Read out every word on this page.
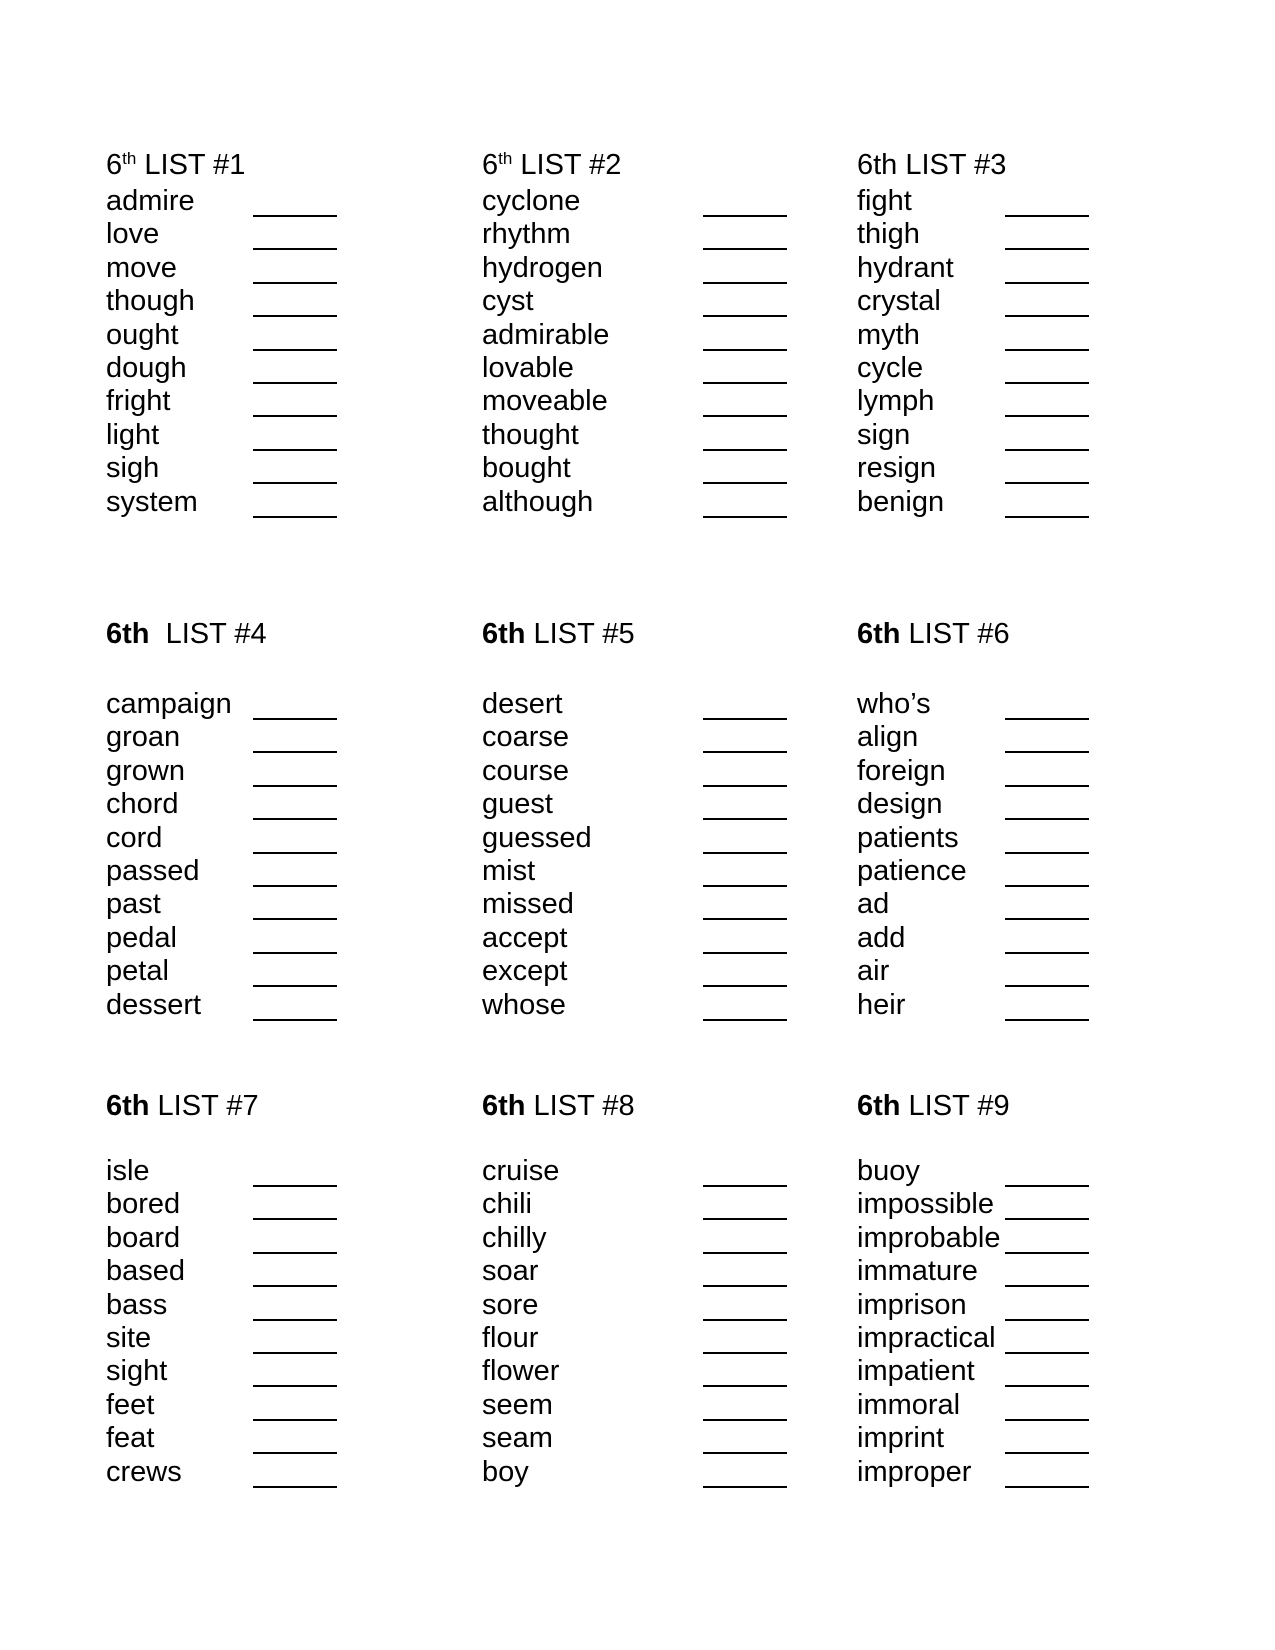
6th LIST #1
admire
love
move
though
ought
dough
fright
light
sigh
system
6th LIST #2
cyclone
rhythm
hydrogen
cyst
admirable
lovable
moveable
thought
bought
although
6th LIST #3
fight
thigh
hydrant
crystal
myth
cycle
lymph
sign
resign
benign
6th  LIST #4
campaign
groan
grown
chord
cord
passed
past
pedal
petal
dessert
6th LIST #5
desert
coarse
course
guest
guessed
mist
missed
accept
except
whose
6th LIST #6
who’s
align
foreign
design
patients
patience
ad
add
air
heir
6th LIST #7
isle
bored
board
based
bass
site
sight
feet
feat
crews
6th LIST #8
cruise
chili
chilly
soar
sore
flour
flower
seem
seam
boy
6th LIST #9
buoy
impossible
improbable
immature
imprison
impractical
impatient
immoral
imprint
improper
